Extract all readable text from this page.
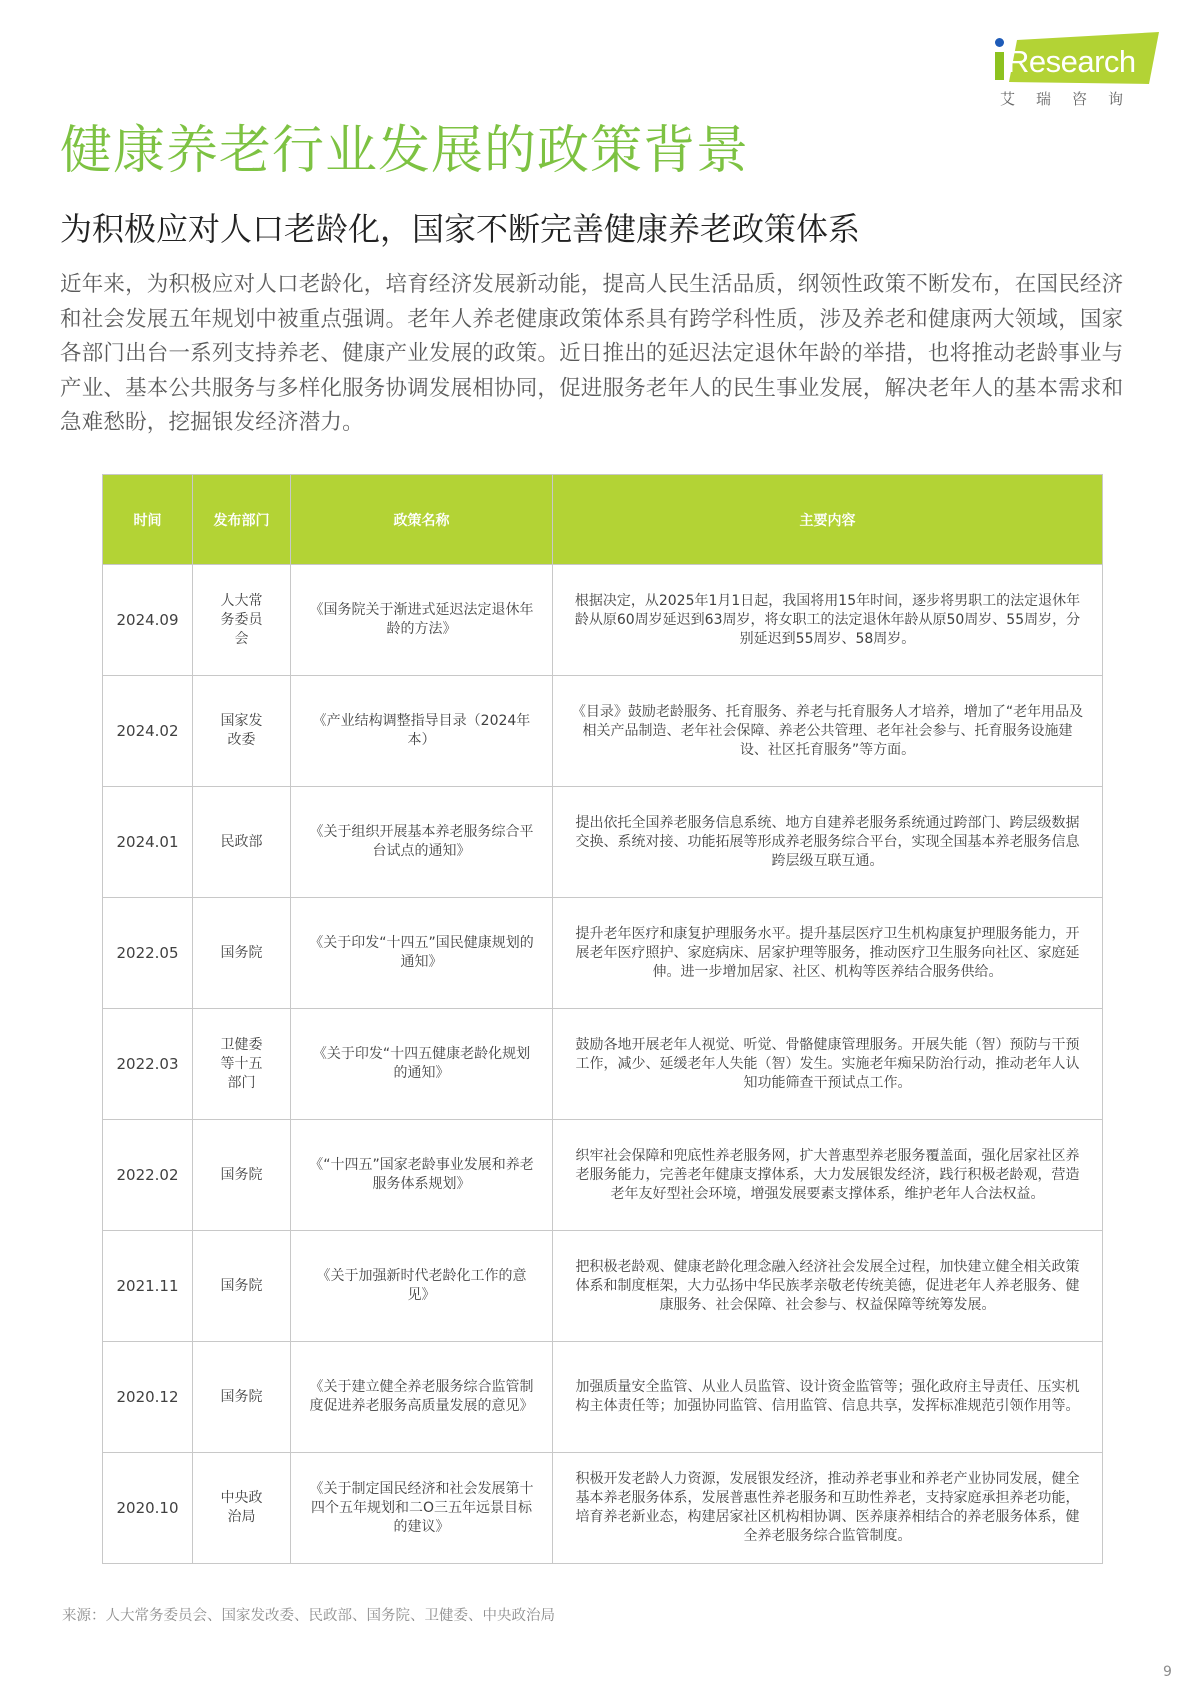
Research
艾瑞咨询
健康养老行业发展的政策背景
为积极应对人口老龄化，国家不断完善健康养老政策体系

近年来，为积极应对人口老龄化，培育经济发展新动能，提高人民生活品质，纲领性政策不断发布，在国民经济和社会发展五年规划中被重点强调。老年人养老健康政策体系具有跨学科性质，涉及养老和健康两大领域，国家各部门出台一系列支持养老、健康产业发展的政策。近日推出的延迟法定退休年龄的举措，也将推动老龄事业与产业、基本公共服务与多样化服务协调发展相协同，促进服务老年人的民生事业发展，解决老年人的基本需求和急难愁盼，挖掘银发经济潜力。

时间	发布部门	政策名称	主要内容
2024.09	人大常务委员会	《国务院关于渐进式延迟法定退休年龄的方法》	根据决定，从2025年1月1日起，我国将用15年时间，逐步将男职工的法定退休年龄从原60周岁延迟到63周岁，将女职工的法定退休年龄从原50周岁、55周岁，分别延迟到55周岁、58周岁。
2024.02	国家发改委	《产业结构调整指导目录（2024年本）	《目录》鼓励老龄服务、托育服务、养老与托育服务人才培养，增加了“老年用品及相关产品制造、老年社会保障、养老公共管理、老年社会参与、托育服务设施建设、社区托育服务”等方面。
2024.01	民政部	《关于组织开展基本养老服务综合平台试点的通知》	提出依托全国养老服务信息系统、地方自建养老服务系统通过跨部门、跨层级数据交换、系统对接、功能拓展等形成养老服务综合平台，实现全国基本养老服务信息跨层级互联互通。
2022.05	国务院	《关于印发“十四五”国民健康规划的通知》	提升老年医疗和康复护理服务水平。提升基层医疗卫生机构康复护理服务能力，开展老年医疗照护、家庭病床、居家护理等服务，推动医疗卫生服务向社区、家庭延伸。进一步增加居家、社区、机构等医养结合服务供给。
2022.03	卫健委等十五部门	《关于印发“十四五健康老龄化规划的通知》	鼓励各地开展老年人视觉、听觉、骨骼健康管理服务。开展失能（智）预防与干预工作，减少、延缓老年人失能（智）发生。实施老年痴呆防治行动，推动老年人认知功能筛查干预试点工作。
2022.02	国务院	《“十四五”国家老龄事业发展和养老服务体系规划》	织牢社会保障和兜底性养老服务网，扩大普惠型养老服务覆盖面，强化居家社区养老服务能力，完善老年健康支撑体系，大力发展银发经济，践行积极老龄观，营造老年友好型社会环境，增强发展要素支撑体系，维护老年人合法权益。
2021.11	国务院	《关于加强新时代老龄化工作的意见》	把积极老龄观、健康老龄化理念融入经济社会发展全过程，加快建立健全相关政策体系和制度框架，大力弘扬中华民族孝亲敬老传统美德，促进老年人养老服务、健康服务、社会保障、社会参与、权益保障等统筹发展。
2020.12	国务院	《关于建立健全养老服务综合监管制度促进养老服务高质量发展的意见》	加强质量安全监管、从业人员监管、设计资金监管等；强化政府主导责任、压实机构主体责任等；加强协同监管、信用监管、信息共享，发挥标准规范引领作用等。
2020.10	中央政治局	《关于制定国民经济和社会发展第十四个五年规划和二O三五年远景目标的建议》	积极开发老龄人力资源，发展银发经济，推动养老事业和养老产业协同发展，健全基本养老服务体系，发展普惠性养老服务和互助性养老，支持家庭承担养老功能，培育养老新业态，构建居家社区机构相协调、医养康养相结合的养老服务体系，健全养老服务综合监管制度。
来源：人大常务委员会、国家发改委、民政部、国务院、卫健委、中央政治局
9
